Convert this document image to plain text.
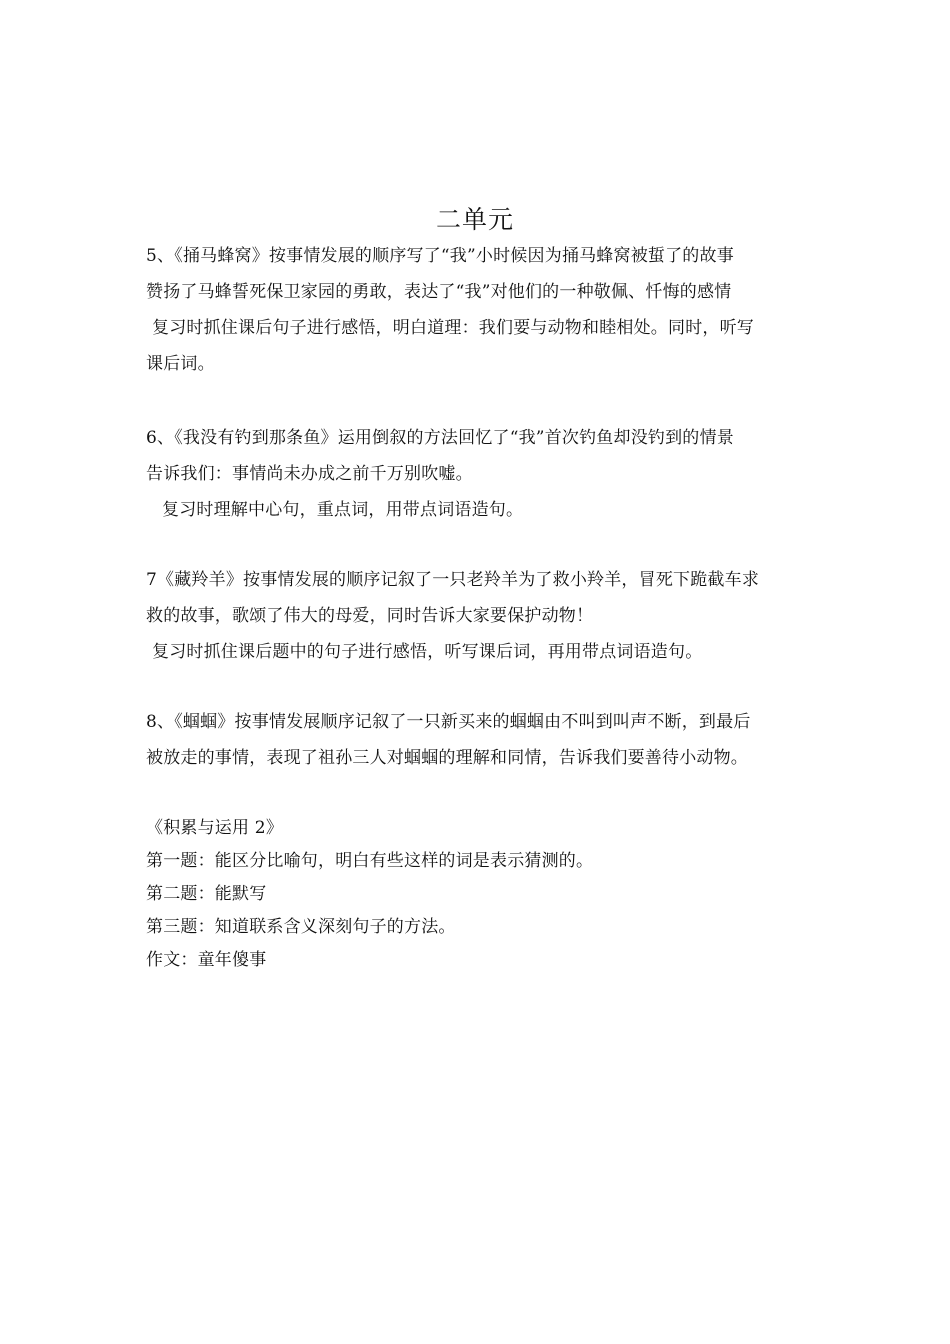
二单元
5、《捅马蜂窝》按事情发展的顺序写了“我”小时候因为捅马蜂窝被蜇了的故事
赞扬了马蜂誓死保卫家园的勇敢，表达了“我”对他们的一种敬佩、忏悔的感情
复习时抓住课后句子进行感悟，明白道理：我们要与动物和睦相处。同时，听写
课后词。
6、《我没有钓到那条鱼》运用倒叙的方法回忆了“我”首次钓鱼却没钓到的情景
告诉我们：事情尚未办成之前千万别吹嘘。
复习时理解中心句，重点词，用带点词语造句。
7《藏羚羊》按事情发展的顺序记叙了一只老羚羊为了救小羚羊，冒死下跪截车求
救的故事，歌颂了伟大的母爱，同时告诉大家要保护动物！
复习时抓住课后题中的句子进行感悟，听写课后词，再用带点词语造句。
8、《蝈蝈》按事情发展顺序记叙了一只新买来的蝈蝈由不叫到叫声不断，到最后
被放走的事情，表现了祖孙三人对蝈蝈的理解和同情，告诉我们要善待小动物。
《积累与运用 2》
第一题：能区分比喻句，明白有些这样的词是表示猜测的。
第二题：能默写
第三题：知道联系含义深刻句子的方法。
作文：童年傻事
